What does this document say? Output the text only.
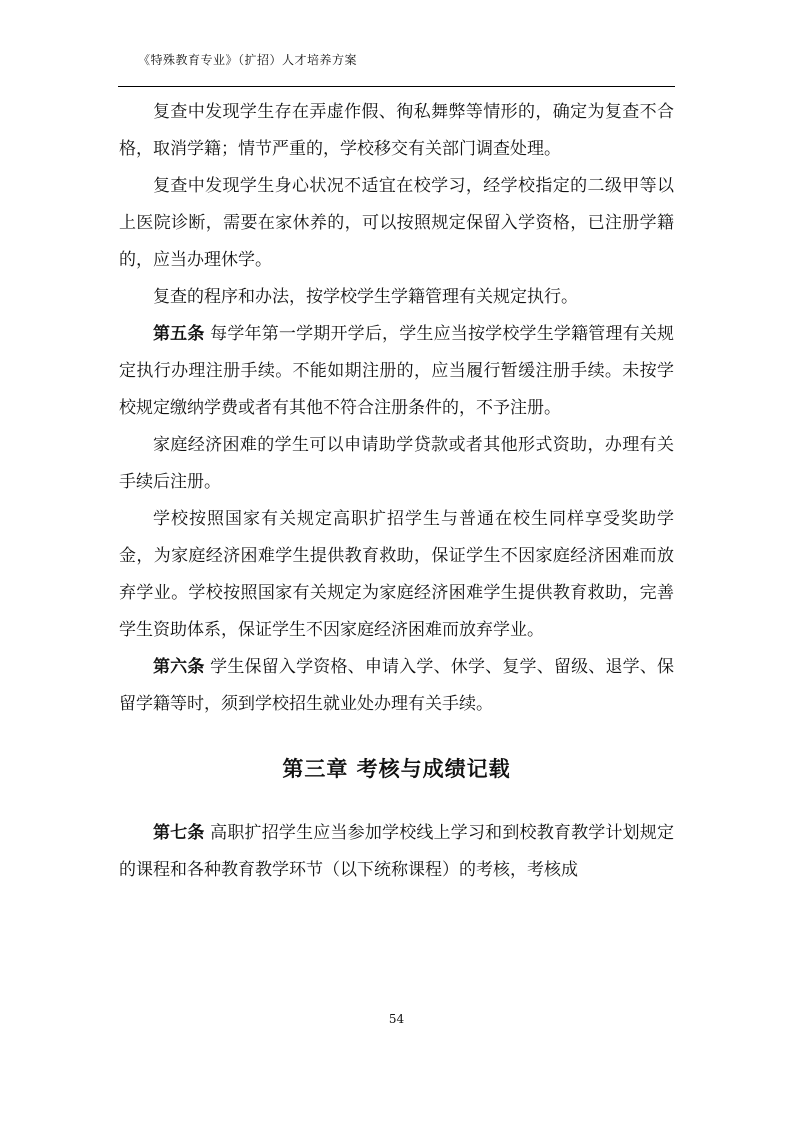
《特殊教育专业》（扩招）人才培养方案

复查中发现学生存在弄虚作假、徇私舞弊等情形的，确定为复查不合格，取消学籍；情节严重的，学校移交有关部门调查处理。

复查中发现学生身心状况不适宜在校学习，经学校指定的二级甲等以上医院诊断，需要在家休养的，可以按照规定保留入学资格，已注册学籍的，应当办理休学。

复查的程序和办法，按学校学生学籍管理有关规定执行。

第五条 每学年第一学期开学后，学生应当按学校学生学籍管理有关规定执行办理注册手续。不能如期注册的，应当履行暂缓注册手续。未按学校规定缴纳学费或者有其他不符合注册条件的，不予注册。

家庭经济困难的学生可以申请助学贷款或者其他形式资助，办理有关手续后注册。

学校按照国家有关规定高职扩招学生与普通在校生同样享受奖助学金，为家庭经济困难学生提供教育救助，保证学生不因家庭经济困难而放弃学业。学校按照国家有关规定为家庭经济困难学生提供教育救助，完善学生资助体系，保证学生不因家庭经济困难而放弃学业。

第六条 学生保留入学资格、申请入学、休学、复学、留级、退学、保留学籍等时，须到学校招生就业处办理有关手续。

第三章 考核与成绩记载

第七条 高职扩招学生应当参加学校线上学习和到校教育教学计划规定的课程和各种教育教学环节（以下统称课程）的考核，考核成

54
